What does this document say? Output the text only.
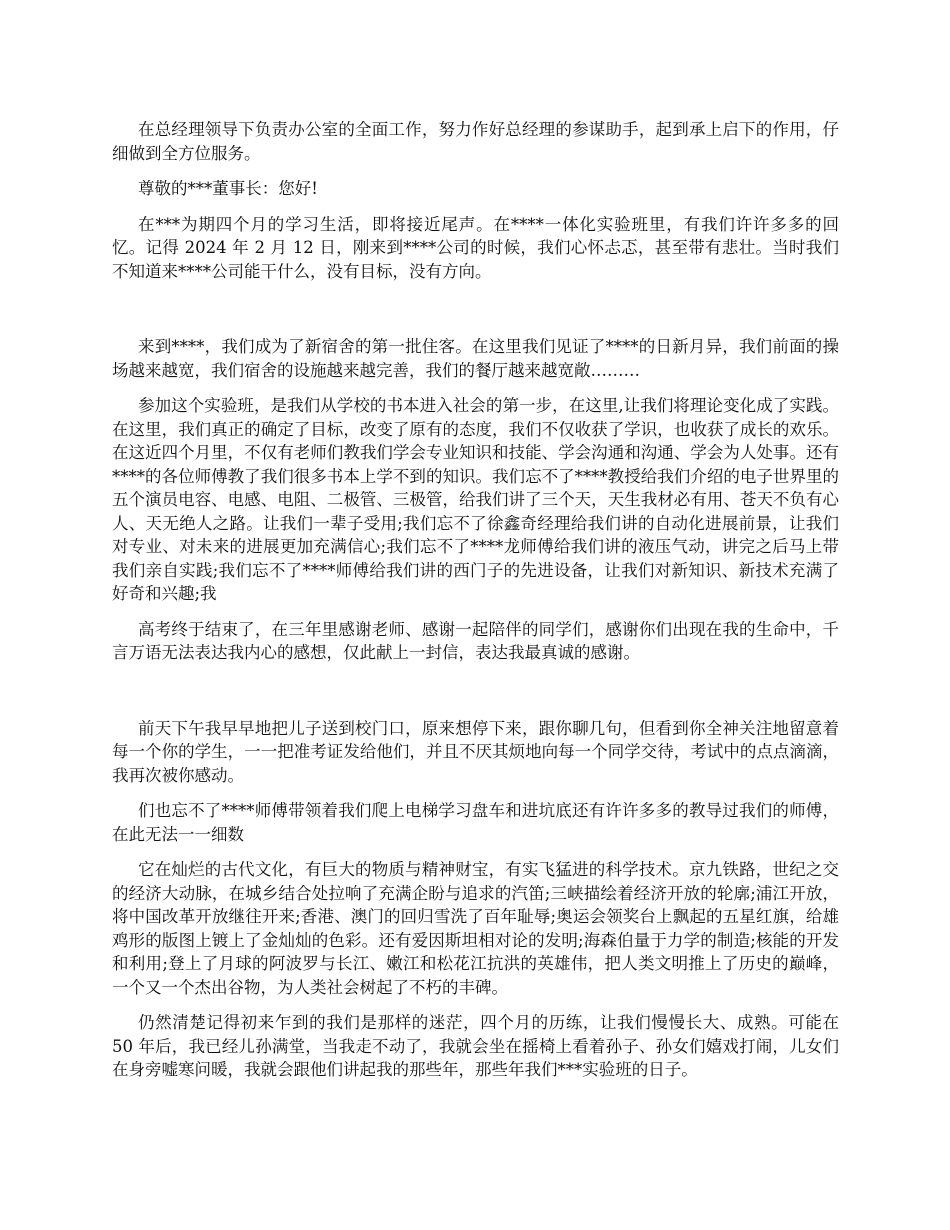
在总经理领导下负责办公室的全面工作，努力作好总经理的参谋助手，起到承上启下的作用，仔细做到全方位服务。

尊敬的***董事长：您好!

在***为期四个月的学习生活，即将接近尾声。在****一体化实验班里，有我们许许多多的回忆。记得 2024 年 2 月 12 日，刚来到****公司的时候，我们心怀忐忑，甚至带有悲壮。当时我们不知道来****公司能干什么，没有目标，没有方向。

来到****，我们成为了新宿舍的第一批住客。在这里我们见证了****的日新月异，我们前面的操场越来越宽，我们宿舍的设施越来越完善，我们的餐厅越来越宽敞………

参加这个实验班，是我们从学校的书本进入社会的第一步，在这里,让我们将理论变化成了实践。在这里，我们真正的确定了目标，改变了原有的态度，我们不仅收获了学识，也收获了成长的欢乐。在这近四个月里，不仅有老师们教我们学会专业知识和技能、学会沟通和沟通、学会为人处事。还有****的各位师傅教了我们很多书本上学不到的知识。我们忘不了****教授给我们介绍的电子世界里的五个演员电容、电感、电阻、二极管、三极管，给我们讲了三个天，天生我材必有用、苍天不负有心人、天无绝人之路。让我们一辈子受用;我们忘不了徐鑫奇经理给我们讲的自动化进展前景，让我们对专业、对未来的进展更加充满信心;我们忘不了****龙师傅给我们讲的液压气动，讲完之后马上带我们亲自实践;我们忘不了****师傅给我们讲的西门子的先进设备，让我们对新知识、新技术充满了好奇和兴趣;我

高考终于结束了，在三年里感谢老师、感谢一起陪伴的同学们，感谢你们出现在我的生命中，千言万语无法表达我内心的感想，仅此献上一封信，表达我最真诚的感谢。

前天下午我早早地把儿子送到校门口，原来想停下来，跟你聊几句，但看到你全神关注地留意着每一个你的学生，一一把准考证发给他们，并且不厌其烦地向每一个同学交待，考试中的点点滴滴，我再次被你感动。

们也忘不了****师傅带领着我们爬上电梯学习盘车和进坑底还有许许多多的教导过我们的师傅，在此无法一一细数

它在灿烂的古代文化，有巨大的物质与精神财宝，有实飞猛进的科学技术。京九铁路，世纪之交的经济大动脉，在城乡结合处拉响了充满企盼与追求的汽笛;三峡描绘着经济开放的轮廓;浦江开放，将中国改革开放继往开来;香港、澳门的回归雪洗了百年耻辱;奥运会领奖台上飘起的五星红旗，给雄鸡形的版图上镀上了金灿灿的色彩。还有爱因斯坦相对论的发明;海森伯量于力学的制造;核能的开发和利用;登上了月球的阿波罗与长江、嫩江和松花江抗洪的英雄伟，把人类文明推上了历史的巅峰，一个又一个杰出谷物，为人类社会树起了不朽的丰碑。

仍然清楚记得初来乍到的我们是那样的迷茫，四个月的历练，让我们慢慢长大、成熟。可能在 50 年后，我已经儿孙满堂，当我走不动了，我就会坐在摇椅上看着孙子、孙女们嬉戏打闹，儿女们在身旁嘘寒问暖，我就会跟他们讲起我的那些年，那些年我们***实验班的日子。
